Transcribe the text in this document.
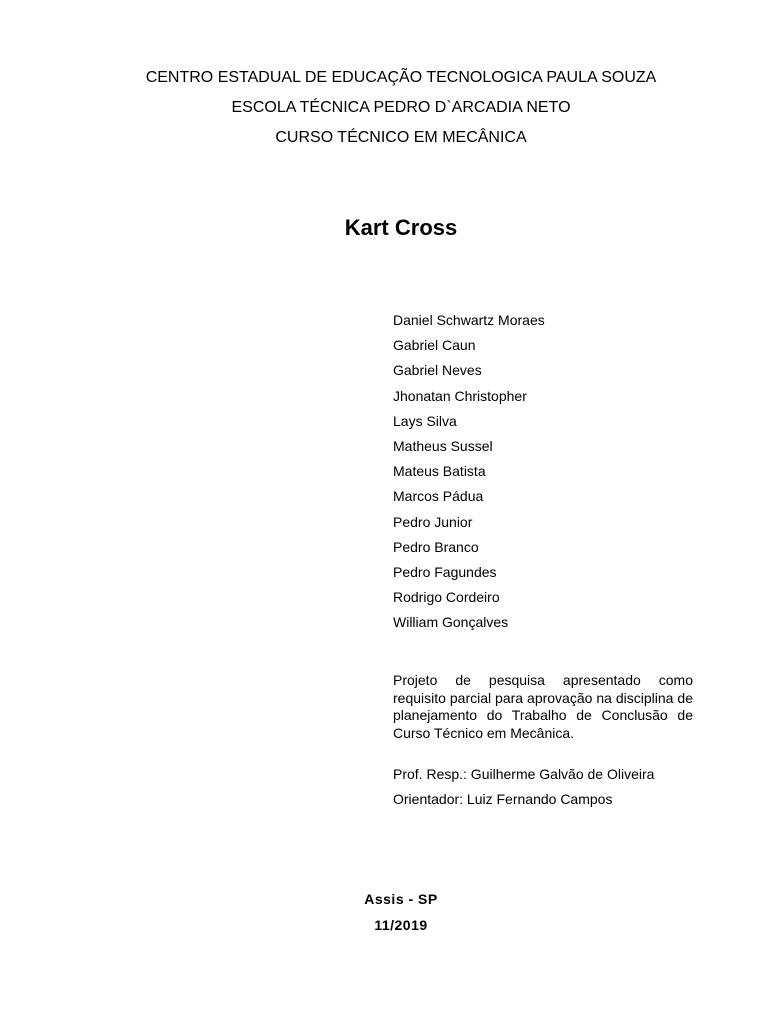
CENTRO ESTADUAL DE EDUCAÇÃO TECNOLOGICA PAULA SOUZA

ESCOLA TÉCNICA PEDRO D`ARCADIA NETO

CURSO TÉCNICO EM MECÂNICA

Kart Cross
Daniel Schwartz Moraes
Gabriel Caun
Gabriel Neves
Jhonatan Christopher
Lays Silva
Matheus Sussel
Mateus Batista
Marcos Pádua
Pedro Junior
Pedro Branco
Pedro Fagundes
Rodrigo Cordeiro
William Gonçalves

Projeto de pesquisa apresentado como requisito parcial para aprovação na disciplina de planejamento do Trabalho de Conclusão de Curso Técnico em Mecânica.

Prof. Resp.: Guilherme Galvão de Oliveira

Orientador: Luiz Fernando Campos

Assis - SP

11/2019
